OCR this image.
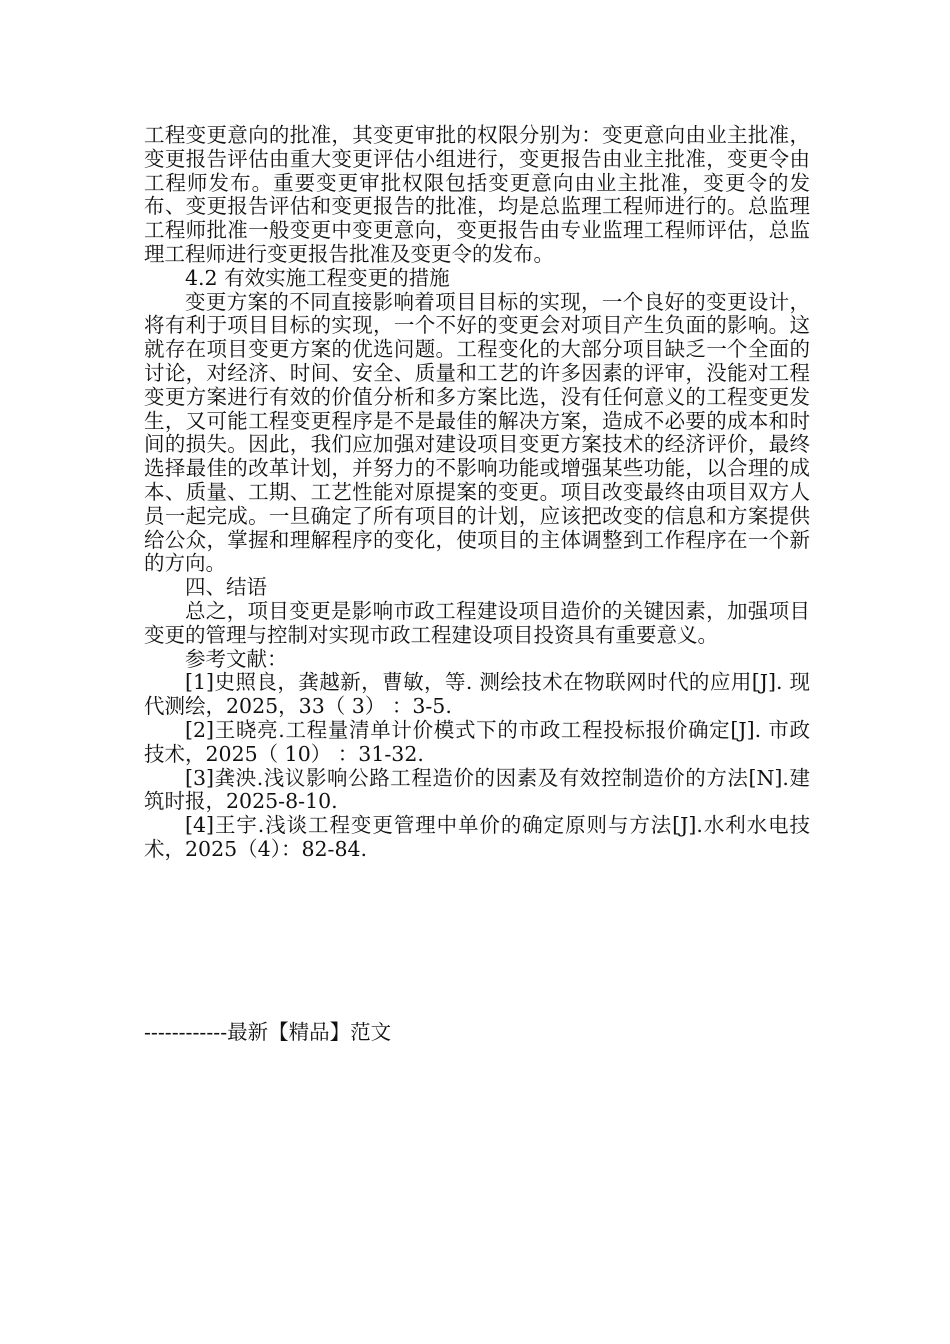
工程变更意向的批准，其变更审批的权限分别为：变更意向由业主批准，变更报告评估由重大变更评估小组进行，变更报告由业主批准，变更令由工程师发布。重要变更审批权限包括变更意向由业主批准，变更令的发布、变更报告评估和变更报告的批准，均是总监理工程师进行的。总监理工程师批准一般变更中变更意向，变更报告由专业监理工程师评估，总监理工程师进行变更报告批准及变更令的发布。

4.2 有效实施工程变更的措施

变更方案的不同直接影响着项目目标的实现，一个良好的变更设计，将有利于项目目标的实现，一个不好的变更会对项目产生负面的影响。这就存在项目变更方案的优选问题。工程变化的大部分项目缺乏一个全面的讨论，对经济、时间、安全、质量和工艺的许多因素的评审，没能对工程变更方案进行有效的价值分析和多方案比选，没有任何意义的工程变更发生，又可能工程变更程序是不是最佳的解决方案，造成不必要的成本和时间的损失。因此，我们应加强对建设项目变更方案技术的经济评价，最终选择最佳的改革计划，并努力的不影响功能或增强某些功能，以合理的成本、质量、工期、工艺性能对原提案的变更。项目改变最终由项目双方人员一起完成。一旦确定了所有项目的计划，应该把改变的信息和方案提供给公众，掌握和理解程序的变化，使项目的主体调整到工作程序在一个新的方向。

四、结语

总之，项目变更是影响市政工程建设项目造价的关键因素，加强项目变更的管理与控制对实现市政工程建设项目投资具有重要意义。

参考文献：

[1]史照良，龚越新，曹敏，等. 测绘技术在物联网时代的应用[J]. 现代测绘，2025，33（ 3） ：3-5.

[2]王晓亮.工程量清单计价模式下的市政工程投标报价确定[J]. 市政技术，2025（ 10） ：31-32.

[3]龚泱.浅议影响公路工程造价的因素及有效控制造价的方法[N].建筑时报，2025-8-10.

[4]王宇.浅谈工程变更管理中单价的确定原则与方法[J].水利水电技术，2025（4）：82-84.

------------最新【精品】范文
